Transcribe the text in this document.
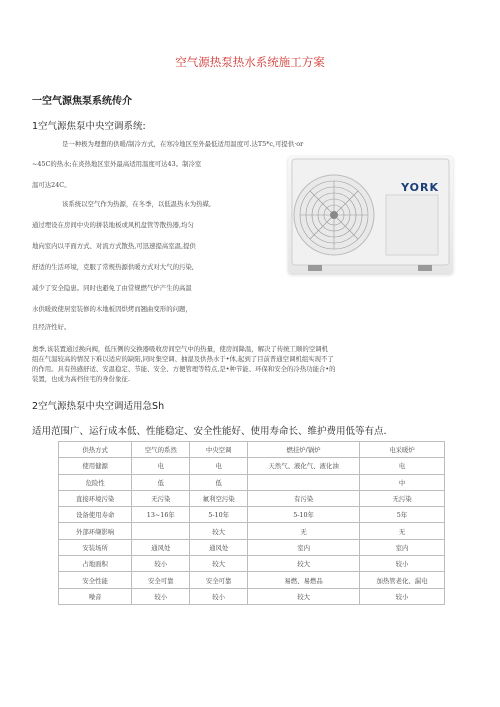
空气源热泵热水系统施工方案
一空气源焦泵系统传介
1空气源焦泵中央空调系统:
是一种极为理想的供暖/制冷方式，在寒冷地区至外最低适用温度可.达T5*c,可提供·or
~45C的热水;在炎热地区室外最高适用温度可达43。制冷室
温可达24C。
该系统以空气作为热源，在冬季，以低温热水为热媒,
通过埋设在房间中央的拼装地板或风机盘管等散热器,均匀
地向室内以平面方式、对流方式散热,可迅速提高室温,提供
舒适的生活环境，克服了常规热源供暖方式对大气的污染,
减少了安全隐患。同时也避免了由常规燃气炉产生的高温
YORK
水供暖致使居室装修的木地板因烘烤而翘曲变形的问题，
且经济性好。
奥季,该装置通过换向阀，低压侧的交换器吸收房间空气中的热量，使房间降温，解决了传统工顺的空调机
组在气温较高的情况下难以适应的缺陷,同时集空调、抽湿及供热水于•体,起到了目前普通空调机组实现不了
的作用。具有热感舒适、安温稳定、节能、安全、方便管理等特点,是•种节能、环保和安全的冷热功能合•的
装置，也成为高档住宅的身份象征.
2空气源热泵中央空调适用急Sh
适用范围广、运行成本低、性能稳定、安全性能好、使用寿命长、维护费用低等有点.
供热方式	空气的系然	中央空调	燃挂炉/锅炉	电采暖炉
使用健源	电	电	天然气、液化气、液化油	电
危险性	低	低		中
直接环境污染	无污染	氟利空污染	有污染	无污染
设备使用寿命	13~16年	5-10年	5-10年	5年
外部环缬影响		较大	无	无
安装场所	通风处	通风处	室内	室内
占地面积	较小	较大	较大	较小
安全性能	安全可靠	安全可靠	易燃、易燃品	加热管老化、漏电
噪音	较小	较小	较大	较小
